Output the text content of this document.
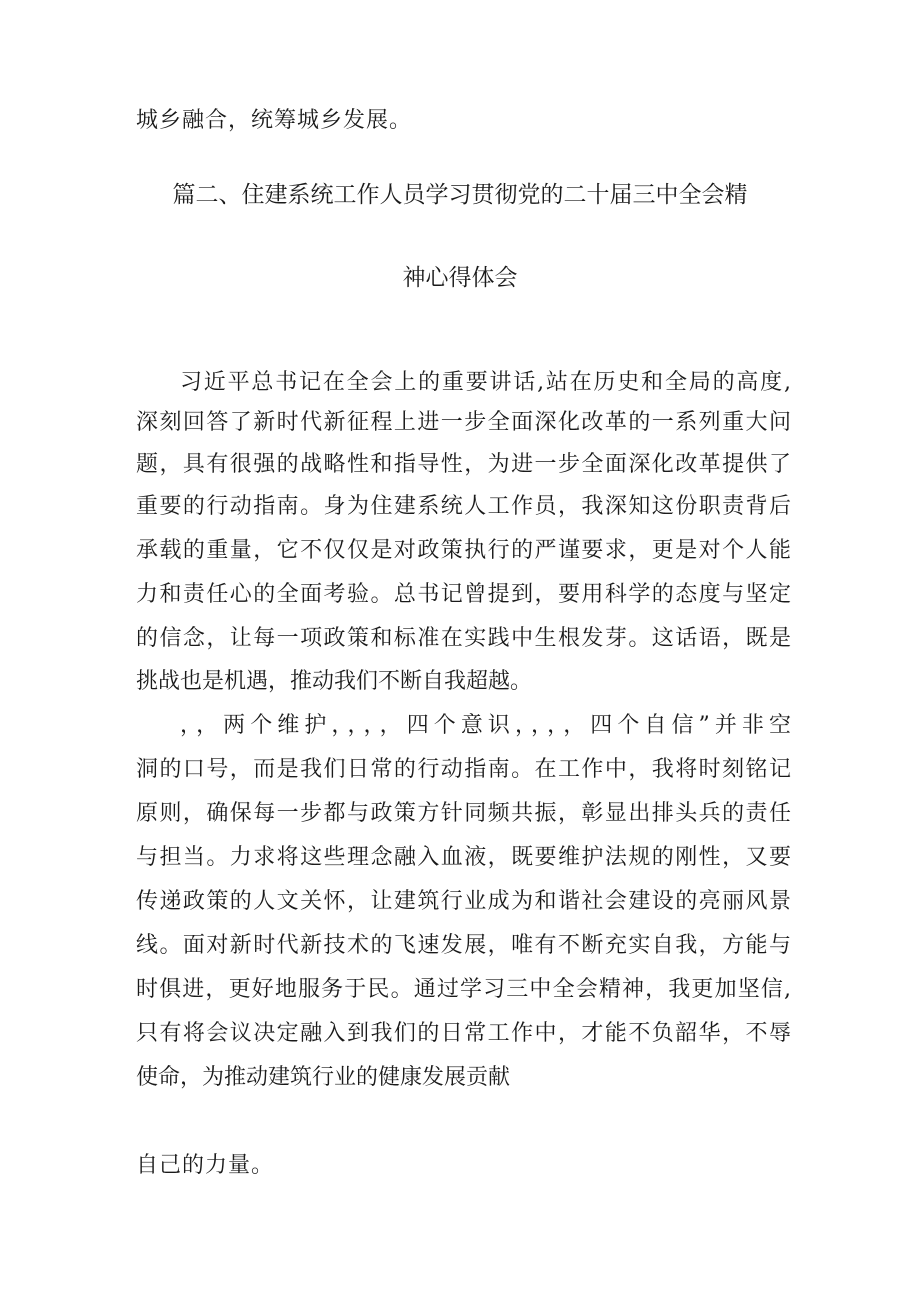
城乡融合，统筹城乡发展。
篇二、住建系统工作人员学习贯彻党的二十届三中全会精
神心得体会
习近平总书记在全会上的重要讲话,站在历史和全局的高度,
深刻回答了新时代新征程上进一步全面深化改革的一系列重大问
题，具有很强的战略性和指导性，为进一步全面深化改革提供了
重要的行动指南。身为住建系统人工作员，我深知这份职责背后
承载的重量，它不仅仅是对政策执行的严谨要求，更是对个人能
力和责任心的全面考验。总书记曾提到，要用科学的态度与坚定
的信念，让每一项政策和标准在实践中生根发芽。这话语，既是
挑战也是机遇，推动我们不断自我超越。
，，两个维护，，，，四个意识，，，，四个自信”并非空
洞的口号，而是我们日常的行动指南。在工作中，我将时刻铭记
原则，确保每一步都与政策方针同频共振，彰显出排头兵的责任
与担当。力求将这些理念融入血液，既要维护法规的刚性，又要
传递政策的人文关怀，让建筑行业成为和谐社会建设的亮丽风景
线。面对新时代新技术的飞速发展，唯有不断充实自我，方能与
时俱进，更好地服务于民。通过学习三中全会精神，我更加坚信,
只有将会议决定融入到我们的日常工作中，才能不负韶华，不辱
使命，为推动建筑行业的健康发展贡献
自己的力量。
